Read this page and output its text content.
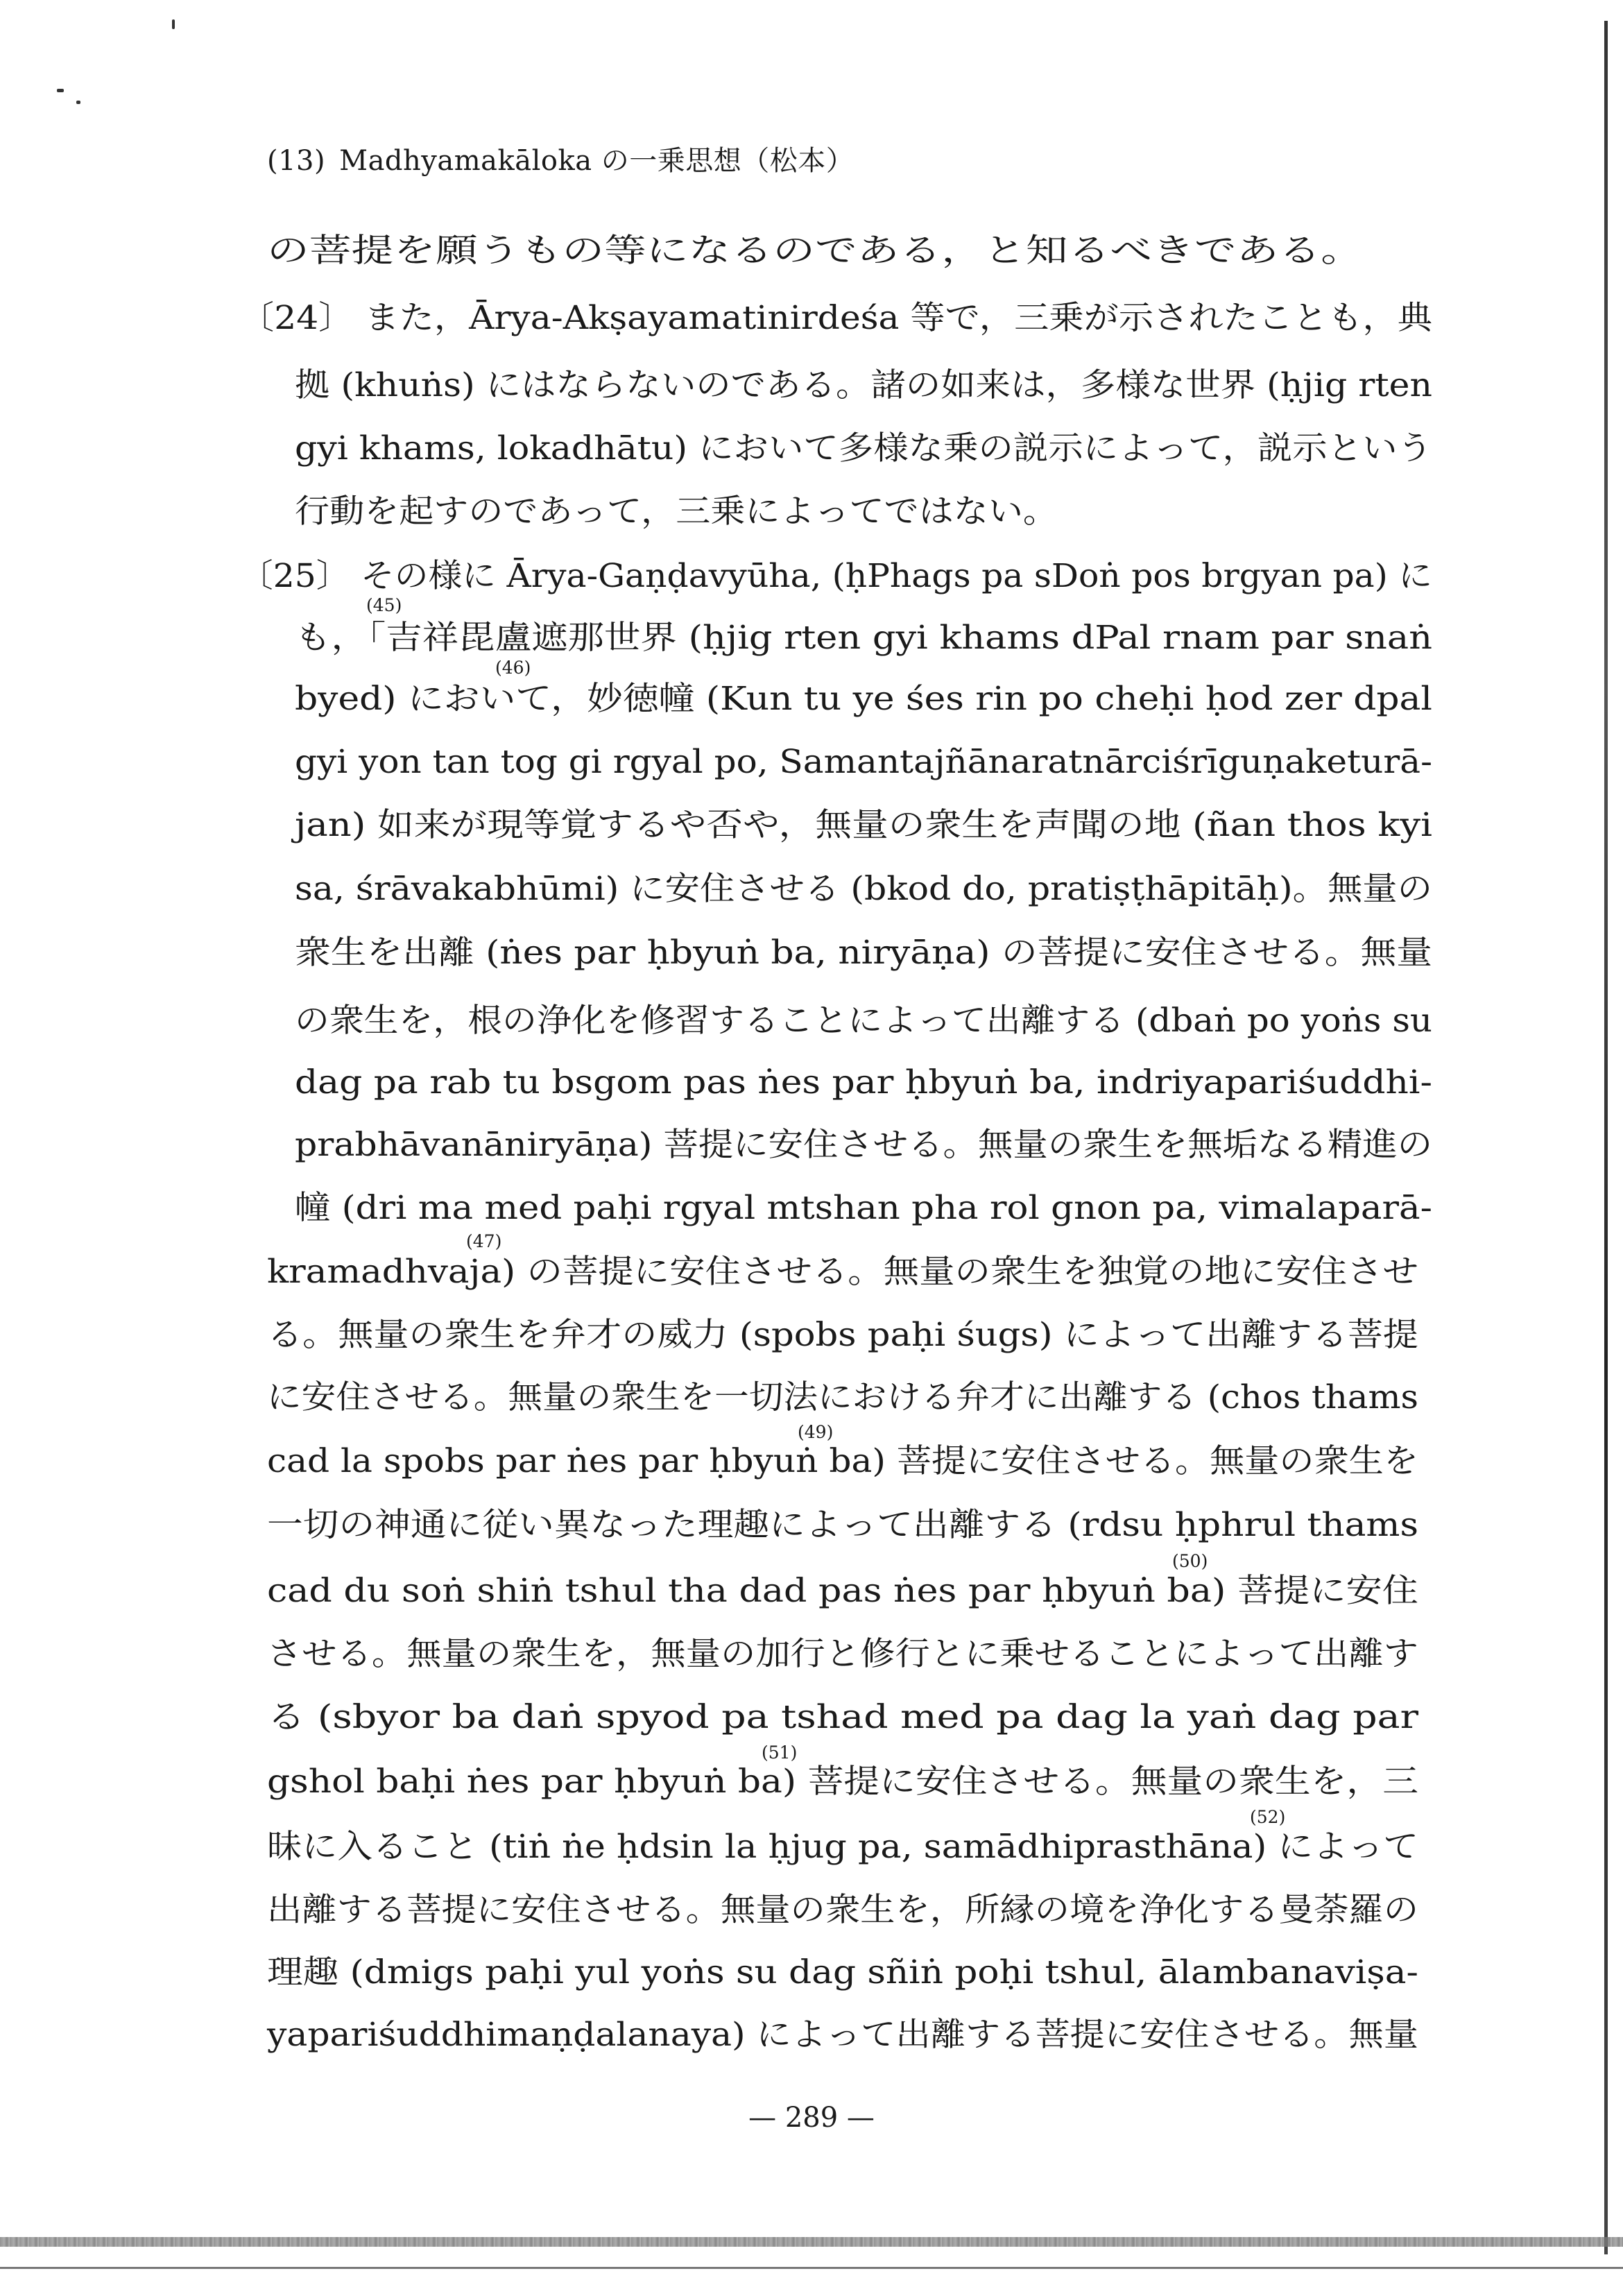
(13) Madhyamakāloka の一乗思想（松本）
の菩提を願うもの等になるのである，と知るべきである。
〔24〕 また，Ārya-Akṣayamatinirdeśa 等で，三乗が示されたことも，典
拠 (khuṅs) にはならないのである。諸の如来は，多様な世界 (ḥjig rten
gyi khams, lokadhātu) において多様な乗の説示によって，説示という
行動を起すのであって，三乗によってではない。
〔25〕 その様に Ārya-Gaṇḍavyūha, (ḥPhags pa sDoṅ pos brgyan pa) に
も，「吉祥毘盧遮那世界 (ḥjig rten gyi khams dPal rnam par snaṅ
byed) において，妙徳幢 (Kun tu ye śes rin po cheḥi ḥod zer dpal
gyi yon tan tog gi rgyal po, Samantajñānaratnārciśrīguṇaketurā-
jan) 如来が現等覚するや否や，無量の衆生を声聞の地 (ñan thos kyi
sa, śrāvakabhūmi) に安住させる (bkod do, pratiṣṭhāpitāḥ)。無量の
衆生を出離 (ṅes par ḥbyuṅ ba, niryāṇa) の菩提に安住させる。無量
の衆生を，根の浄化を修習することによって出離する (dbaṅ po yoṅs su
dag pa rab tu bsgom pas ṅes par ḥbyuṅ ba, indriyapariśuddhi-
prabhāvanāniryāṇa) 菩提に安住させる。無量の衆生を無垢なる精進の
幢 (dri ma med paḥi rgyal mtshan pha rol gnon pa, vimalaparā-
kramadhvaja) の菩提に安住させる。無量の衆生を独覚の地に安住させ
る。無量の衆生を弁才の威力 (spobs paḥi śugs) によって出離する菩提
に安住させる。無量の衆生を一切法における弁才に出離する (chos thams
cad la spobs par ṅes par ḥbyuṅ ba) 菩提に安住させる。無量の衆生を
一切の神通に従い異なった理趣によって出離する (rdsu ḥphrul thams
cad du soṅ shiṅ tshul tha dad pas ṅes par ḥbyuṅ ba) 菩提に安住
させる。無量の衆生を，無量の加行と修行とに乗せることによって出離す
る (sbyor ba daṅ spyod pa tshad med pa dag la yaṅ dag par
gshol baḥi ṅes par ḥbyuṅ ba) 菩提に安住させる。無量の衆生を，三
昧に入ること (tiṅ ṅe ḥdsin la ḥjug pa, samādhiprasthāna) によって
出離する菩提に安住させる。無量の衆生を，所縁の境を浄化する曼荼羅の
理趣 (dmigs paḥi yul yoṅs su dag sñiṅ poḥi tshul, ālambanaviṣa-
yapariśuddhimaṇḍalanaya) によって出離する菩提に安住させる。無量
(45)
(46)
(47)
(49)
(50)
(51)
(52)
— 289 —
